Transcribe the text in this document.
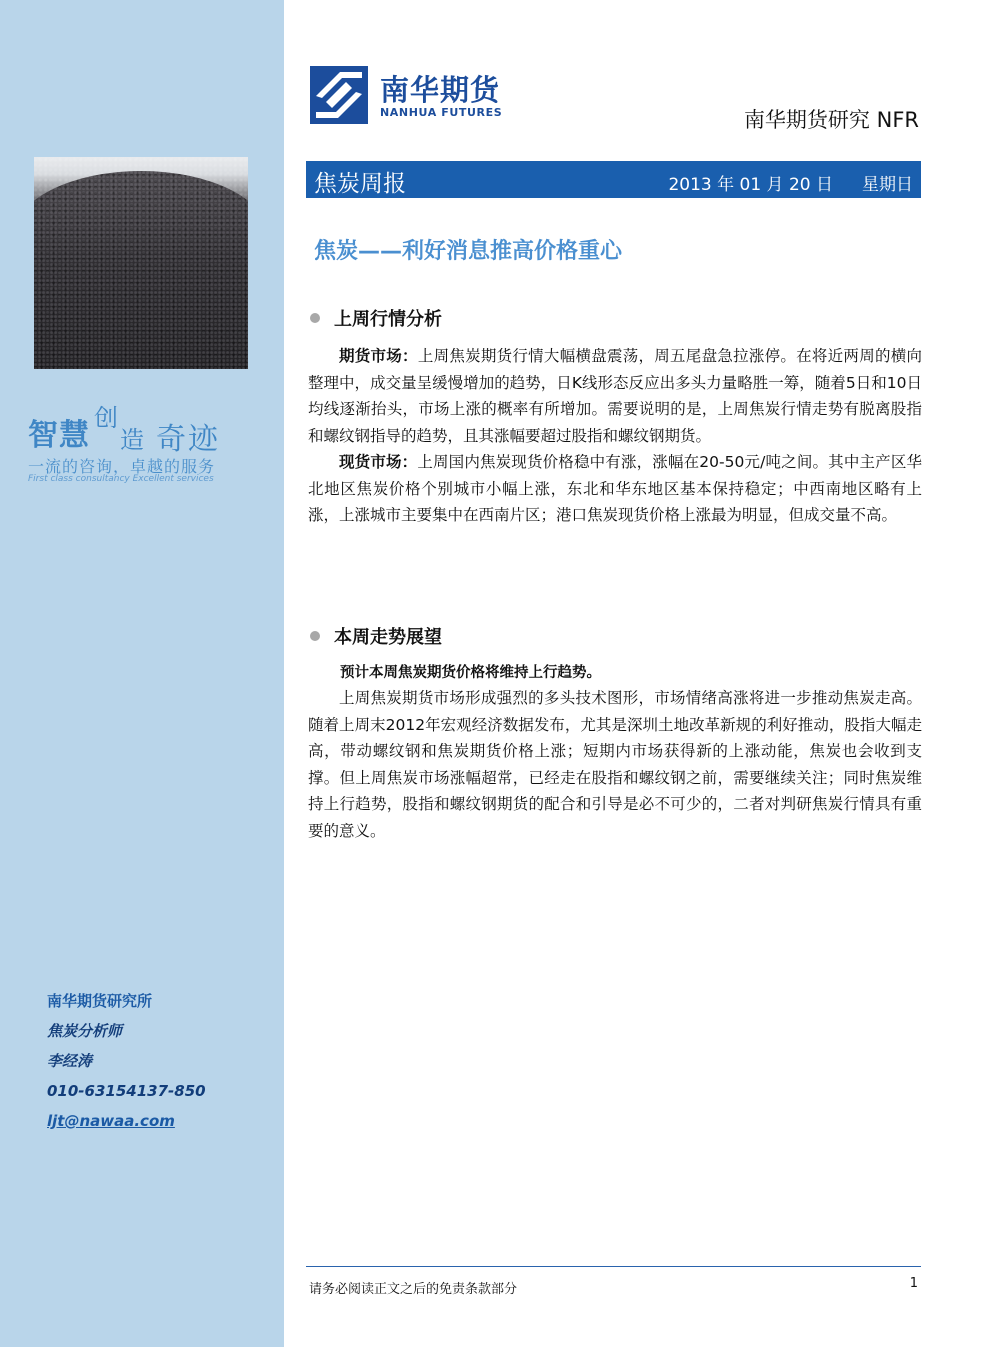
智慧 创
造 奇迹
一流的咨询，卓越的服务
First class consultancy Excellent services
南华期货研究所
焦炭分析师
李经涛
010-63154137-850
ljt@nawaa.com
南华期货
NANHUA FUTURES	南华期货研究 NFR
焦炭周报	2013 年 01 月 20 日 星期日
焦炭——利好消息推高价格重心
上周行情分析

期货市场：上周焦炭期货行情大幅横盘震荡，周五尾盘急拉涨停。在将近两周的横向整理中，成交量呈缓慢增加的趋势，日K线形态反应出多头力量略胜一筹，随着5日和10日均线逐渐抬头，市场上涨的概率有所增加。需要说明的是，上周焦炭行情走势有脱离股指和螺纹钢指导的趋势，且其涨幅要超过股指和螺纹钢期货。

现货市场：上周国内焦炭现货价格稳中有涨，涨幅在20-50元/吨之间。其中主产区华北地区焦炭价格个别城市小幅上涨，东北和华东地区基本保持稳定；中西南地区略有上涨，上涨城市主要集中在西南片区；港口焦炭现货价格上涨最为明显，但成交量不高。

本周走势展望
预计本周焦炭期货价格将维持上行趋势。

上周焦炭期货市场形成强烈的多头技术图形，市场情绪高涨将进一步推动焦炭走高。随着上周末2012年宏观经济数据发布，尤其是深圳土地改革新规的利好推动，股指大幅走高，带动螺纹钢和焦炭期货价格上涨；短期内市场获得新的上涨动能，焦炭也会收到支撑。但上周焦炭市场涨幅超常，已经走在股指和螺纹钢之前，需要继续关注；同时焦炭维持上行趋势，股指和螺纹钢期货的配合和引导是必不可少的，二者对判研焦炭行情具有重要的意义。

请务必阅读正文之后的免责条款部分	1
